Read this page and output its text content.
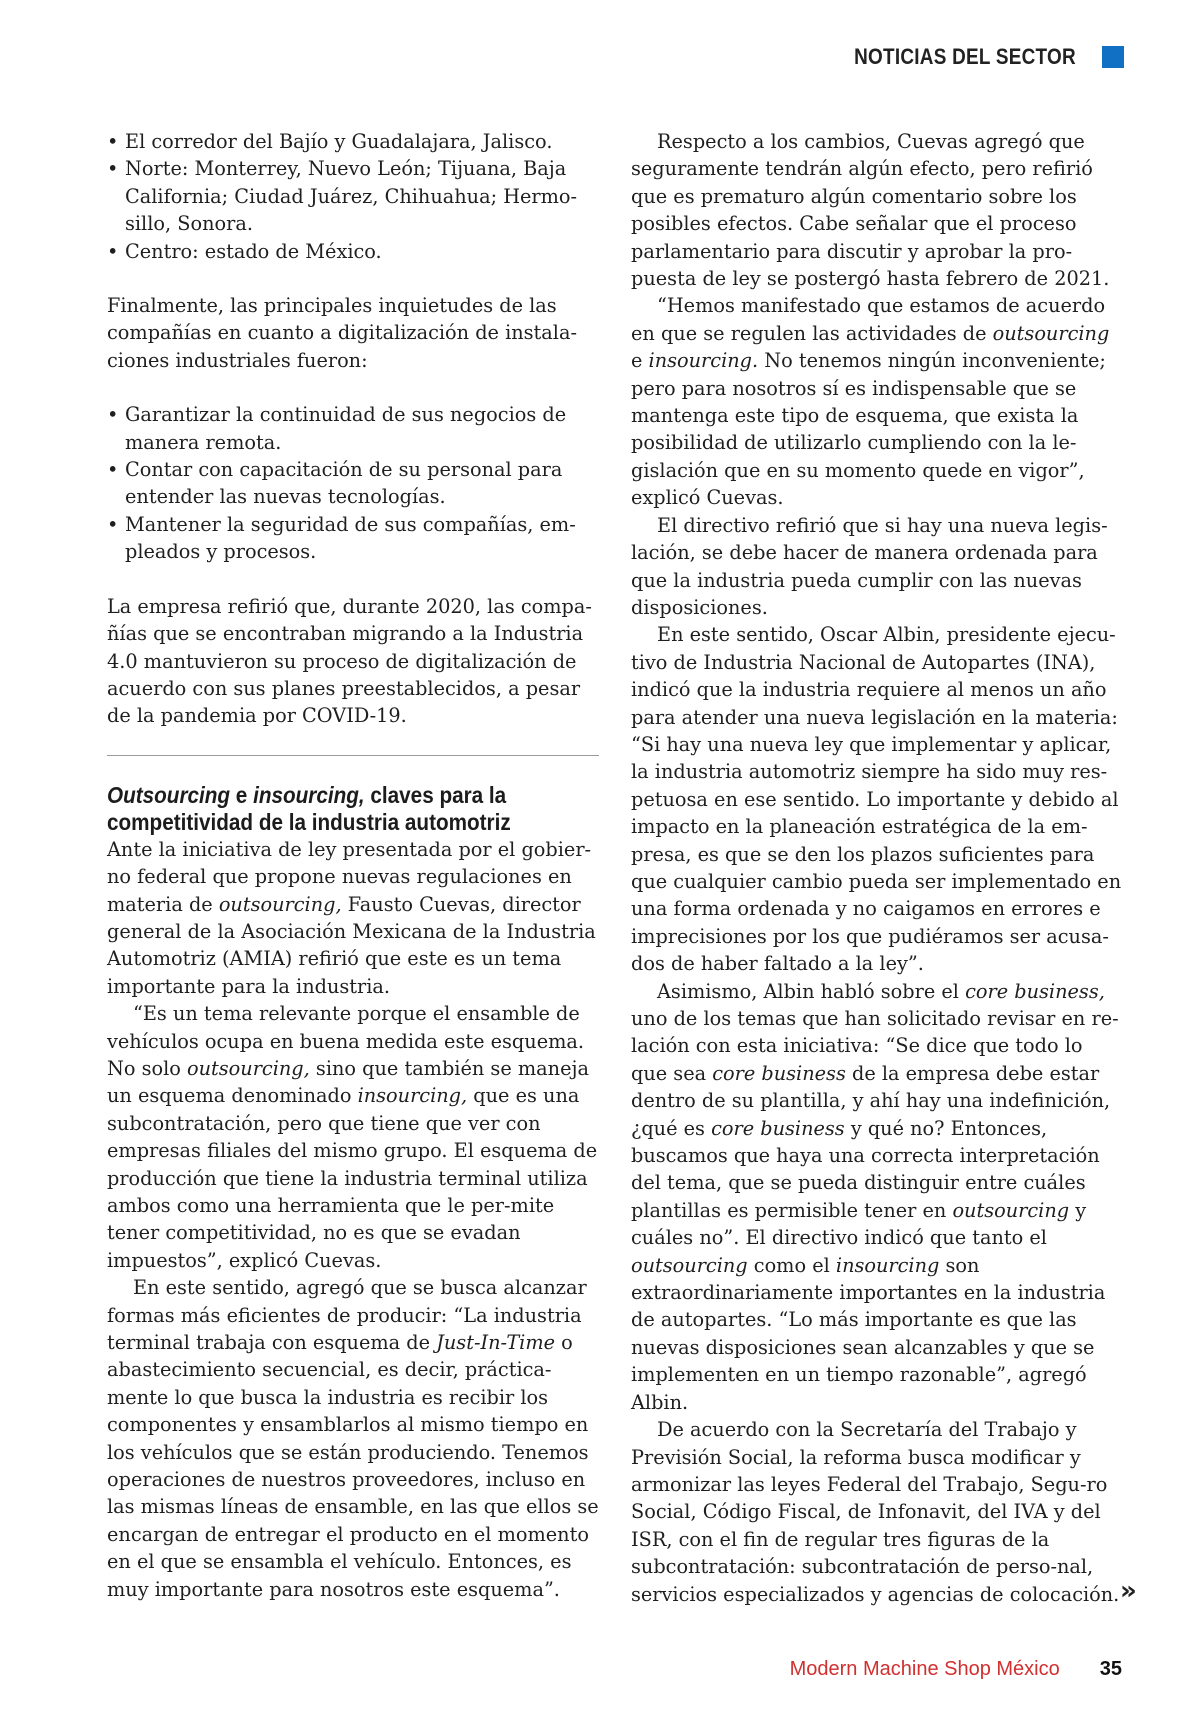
NOTICIAS DEL SECTOR
• El corredor del Bajío y Guadalajara, Jalisco.
• Norte: Monterrey, Nuevo León; Tijuana, Baja California; Ciudad Juárez, Chihuahua; Hermo-sillo, Sonora.
• Centro: estado de México.

Finalmente, las principales inquietudes de las compañías en cuanto a digitalización de instala-ciones industriales fueron:

• Garantizar la continuidad de sus negocios de manera remota.
• Contar con capacitación de su personal para entender las nuevas tecnologías.
• Mantener la seguridad de sus compañías, em-pleados y procesos.

La empresa refirió que, durante 2020, las compa-ñías que se encontraban migrando a la Industria 4.0 mantuvieron su proceso de digitalización de acuerdo con sus planes preestablecidos, a pesar de la pandemia por COVID-19.

Outsourcing e insourcing, claves para la competitividad de la industria automotriz

Ante la iniciativa de ley presentada por el gobier-no federal que propone nuevas regulaciones en materia de outsourcing, Fausto Cuevas, director general de la Asociación Mexicana de la Industria Automotriz (AMIA) refirió que este es un tema importante para la industria.

“Es un tema relevante porque el ensamble de vehículos ocupa en buena medida este esquema. No solo outsourcing, sino que también se maneja un esquema denominado insourcing, que es una subcontratación, pero que tiene que ver con empresas filiales del mismo grupo. El esquema de producción que tiene la industria terminal utiliza ambos como una herramienta que le per-mite tener competitividad, no es que se evadan impuestos”, explicó Cuevas.

En este sentido, agregó que se busca alcanzar formas más eficientes de producir: “La industria terminal trabaja con esquema de Just-In-Time o abastecimiento secuencial, es decir, práctica-mente lo que busca la industria es recibir los componentes y ensamblarlos al mismo tiempo en los vehículos que se están produciendo. Tenemos operaciones de nuestros proveedores, incluso en las mismas líneas de ensamble, en las que ellos se encargan de entregar el producto en el momento en el que se ensambla el vehículo. Entonces, es muy importante para nosotros este esquema”.

Respecto a los cambios, Cuevas agregó que seguramente tendrán algún efecto, pero refirió que es prematuro algún comentario sobre los posibles efectos. Cabe señalar que el proceso parlamentario para discutir y aprobar la pro-puesta de ley se postergó hasta febrero de 2021.

“Hemos manifestado que estamos de acuerdo en que se regulen las actividades de outsourcing e insourcing. No tenemos ningún inconveniente; pero para nosotros sí es indispensable que se mantenga este tipo de esquema, que exista la posibilidad de utilizarlo cumpliendo con la le-gislación que en su momento quede en vigor”, explicó Cuevas.

El directivo refirió que si hay una nueva legis-lación, se debe hacer de manera ordenada para que la industria pueda cumplir con las nuevas disposiciones.

En este sentido, Oscar Albin, presidente ejecu-tivo de Industria Nacional de Autopartes (INA), indicó que la industria requiere al menos un año para atender una nueva legislación en la materia: “Si hay una nueva ley que implementar y aplicar, la industria automotriz siempre ha sido muy res-petuosa en ese sentido. Lo importante y debido al impacto en la planeación estratégica de la em-presa, es que se den los plazos suficientes para que cualquier cambio pueda ser implementado en una forma ordenada y no caigamos en errores e imprecisiones por los que pudiéramos ser acusa-dos de haber faltado a la ley”.

Asimismo, Albin habló sobre el core business, uno de los temas que han solicitado revisar en re-lación con esta iniciativa: “Se dice que todo lo que sea core business de la empresa debe estar dentro de su plantilla, y ahí hay una indefinición, ¿qué es core business y qué no? Entonces, buscamos que haya una correcta interpretación del tema, que se pueda distinguir entre cuáles plantillas es permisible tener en outsourcing y cuáles no”. El directivo indicó que tanto el outsourcing como el insourcing son extraordinariamente importantes en la industria de autopartes. “Lo más importante es que las nuevas disposiciones sean alcanzables y que se implementen en un tiempo razonable”, agregó Albin.

De acuerdo con la Secretaría del Trabajo y Previsión Social, la reforma busca modificar y armonizar las leyes Federal del Trabajo, Segu-ro Social, Código Fiscal, de Infonavit, del IVA y del ISR, con el fin de regular tres figuras de la subcontratación: subcontratación de perso-nal, servicios especializados y agencias de colocación. »
Modern Machine Shop México 35
